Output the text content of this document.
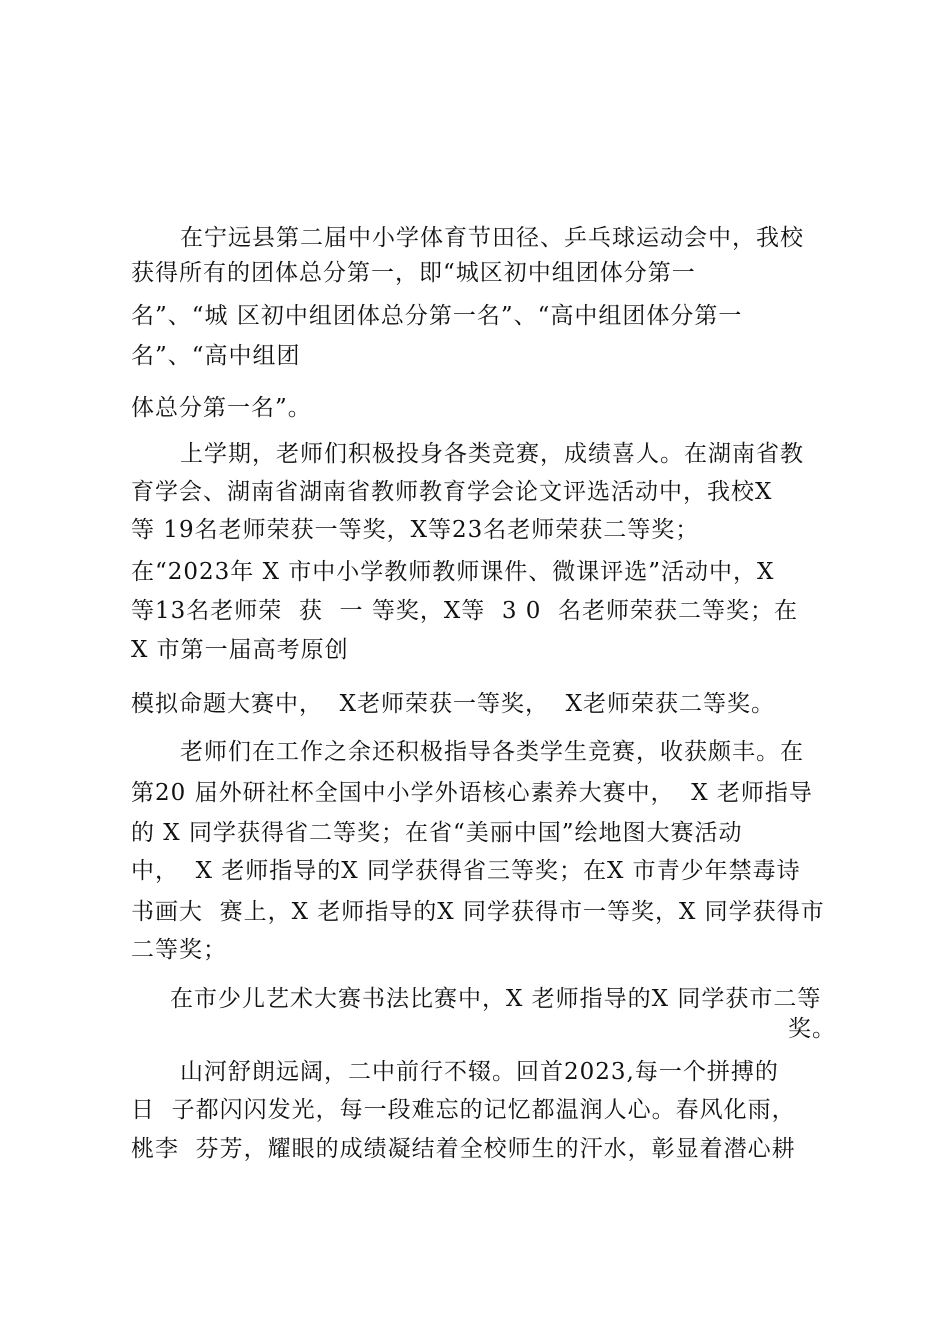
在宁远县第二届中小学体育节田径、乒乓球运动会中，我校
获得所有的团体总分第一，即“城区初中组团体分第一
名”、“城 区初中组团体总分第一名”、“高中组团体分第一
名”、“高中组团
体总分第一名”。
上学期，老师们积极投身各类竞赛，成绩喜人。在湖南省教
育学会、湖南省湖南省教师教育学会论文评选活动中，我校X
等 19名老师荣获一等奖，X等23名老师荣获二等奖；
在“2023年 X 市中小学教师教师课件、微课评选”活动中，X
等13名老师荣  获  一 等奖，X等  3 0  名老师荣获二等奖；在
X 市第一届高考原创
模拟命题大赛中，  X老师荣获一等奖，  X老师荣获二等奖。
老师们在工作之余还积极指导各类学生竞赛，收获颇丰。在
第20 届外研社杯全国中小学外语核心素养大赛中，  X 老师指导
的 X 同学获得省二等奖；在省“美丽中国”绘地图大赛活动
中，  X 老师指导的X 同学获得省三等奖；在X 市青少年禁毒诗
书画大  赛上，X 老师指导的X 同学获得市一等奖，X 同学获得市
二等奖；
在市少儿艺术大赛书法比赛中，X 老师指导的X 同学获市二等
奖。
山河舒朗远阔，二中前行不辍。回首2023,每一个拼搏的
日  子都闪闪发光，每一段难忘的记忆都温润人心。春风化雨，
桃李  芬芳，耀眼的成绩凝结着全校师生的汗水，彰显着潜心耕
